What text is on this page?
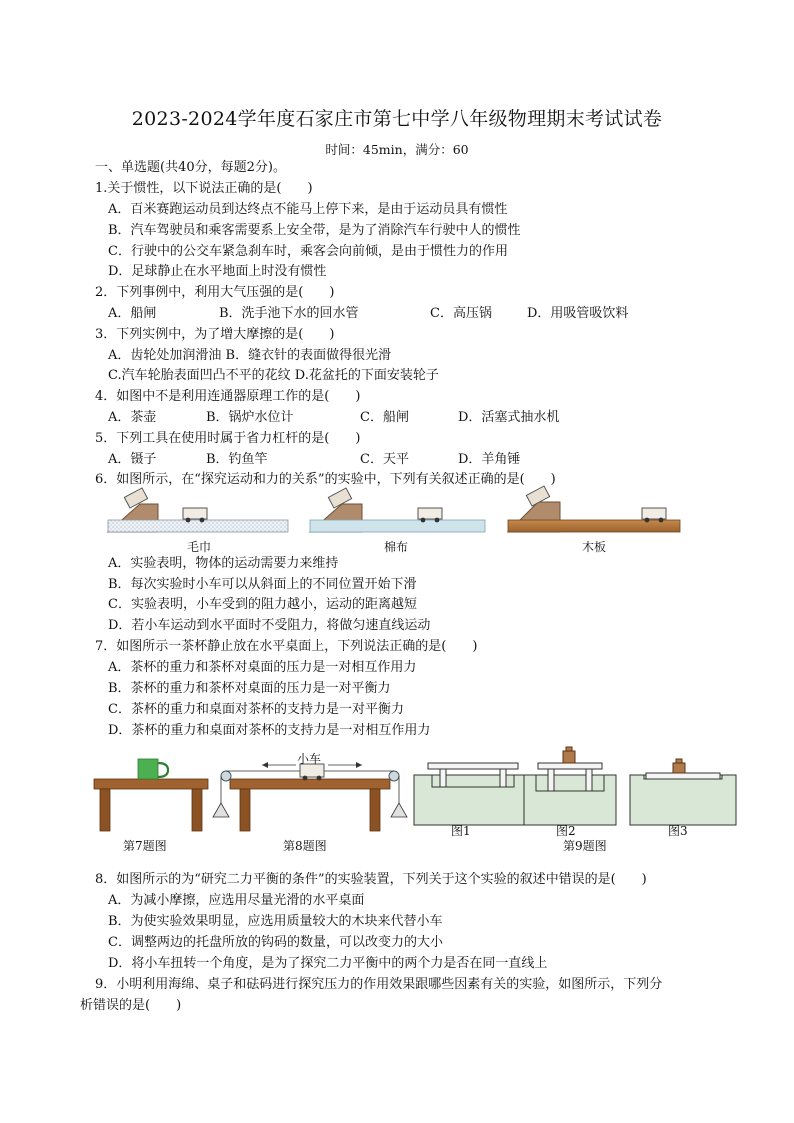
2023-2024学年度石家庄市第七中学八年级物理期末考试试卷
时间：45min，满分：60
一、单选题(共40分，每题2分)。
1.关于惯性，以下说法正确的是(　　)
A．百米赛跑运动员到达终点不能马上停下来，是由于运动员具有惯性
B．汽车驾驶员和乘客需要系上安全带，是为了消除汽车行驶中人的惯性
C．行驶中的公交车紧急刹车时，乘客会向前倾，是由于惯性力的作用
D．足球静止在水平地面上时没有惯性
2．下列事例中，利用大气压强的是(　　)
A．船闸	B．洗手池下水的回水管	C．高压锅	D．用吸管吸饮料
3．下列实例中，为了增大摩擦的是(　　)
A．齿轮处加润滑油 B．缝衣针的表面做得很光滑
C.汽车轮胎表面凹凸不平的花纹 D.花盆托的下面安装轮子
4．如图中不是利用连通器原理工作的是(　　)
A．茶壶	B．锅炉水位计	C．船闸	D．活塞式抽水机
5．下列工具在使用时属于省力杠杆的是(　　)
A．镊子	B．钓鱼竿	C．天平	D．羊角锤
6．如图所示，在“探究运动和力的关系”的实验中，下列有关叙述正确的是(　　)
毛巾	棉布	木板
A．实验表明，物体的运动需要力来维持
B．每次实验时小车可以从斜面上的不同位置开始下滑
C．实验表明，小车受到的阻力越小，运动的距离越短
D．若小车运动到水平面时不受阻力，将做匀速直线运动
7．如图所示一茶杯静止放在水平桌面上，下列说法正确的是(　　)
A．茶杯的重力和茶杯对桌面的压力是一对相互作用力
B．茶杯的重力和茶杯对桌面的压力是一对平衡力
C．茶杯的重力和桌面对茶杯的支持力是一对平衡力
D．茶杯的重力和桌面对茶杯的支持力是一对相互作用力
小车
第7题图	第8题图
图1	图2	图3
第9题图
8．如图所示的为“研究二力平衡的条件”的实验装置，下列关于这个实验的叙述中错误的是(　　)
A．为减小摩擦，应选用尽量光滑的水平桌面
B．为使实验效果明显，应选用质量较大的木块来代替小车
C．调整两边的托盘所放的钩码的数量，可以改变力的大小
D．将小车扭转一个角度，是为了探究二力平衡中的两个力是否在同一直线上
9．小明利用海绵、桌子和砝码进行探究压力的作用效果跟哪些因素有关的实验，如图所示，下列分
析错误的是(　　)
